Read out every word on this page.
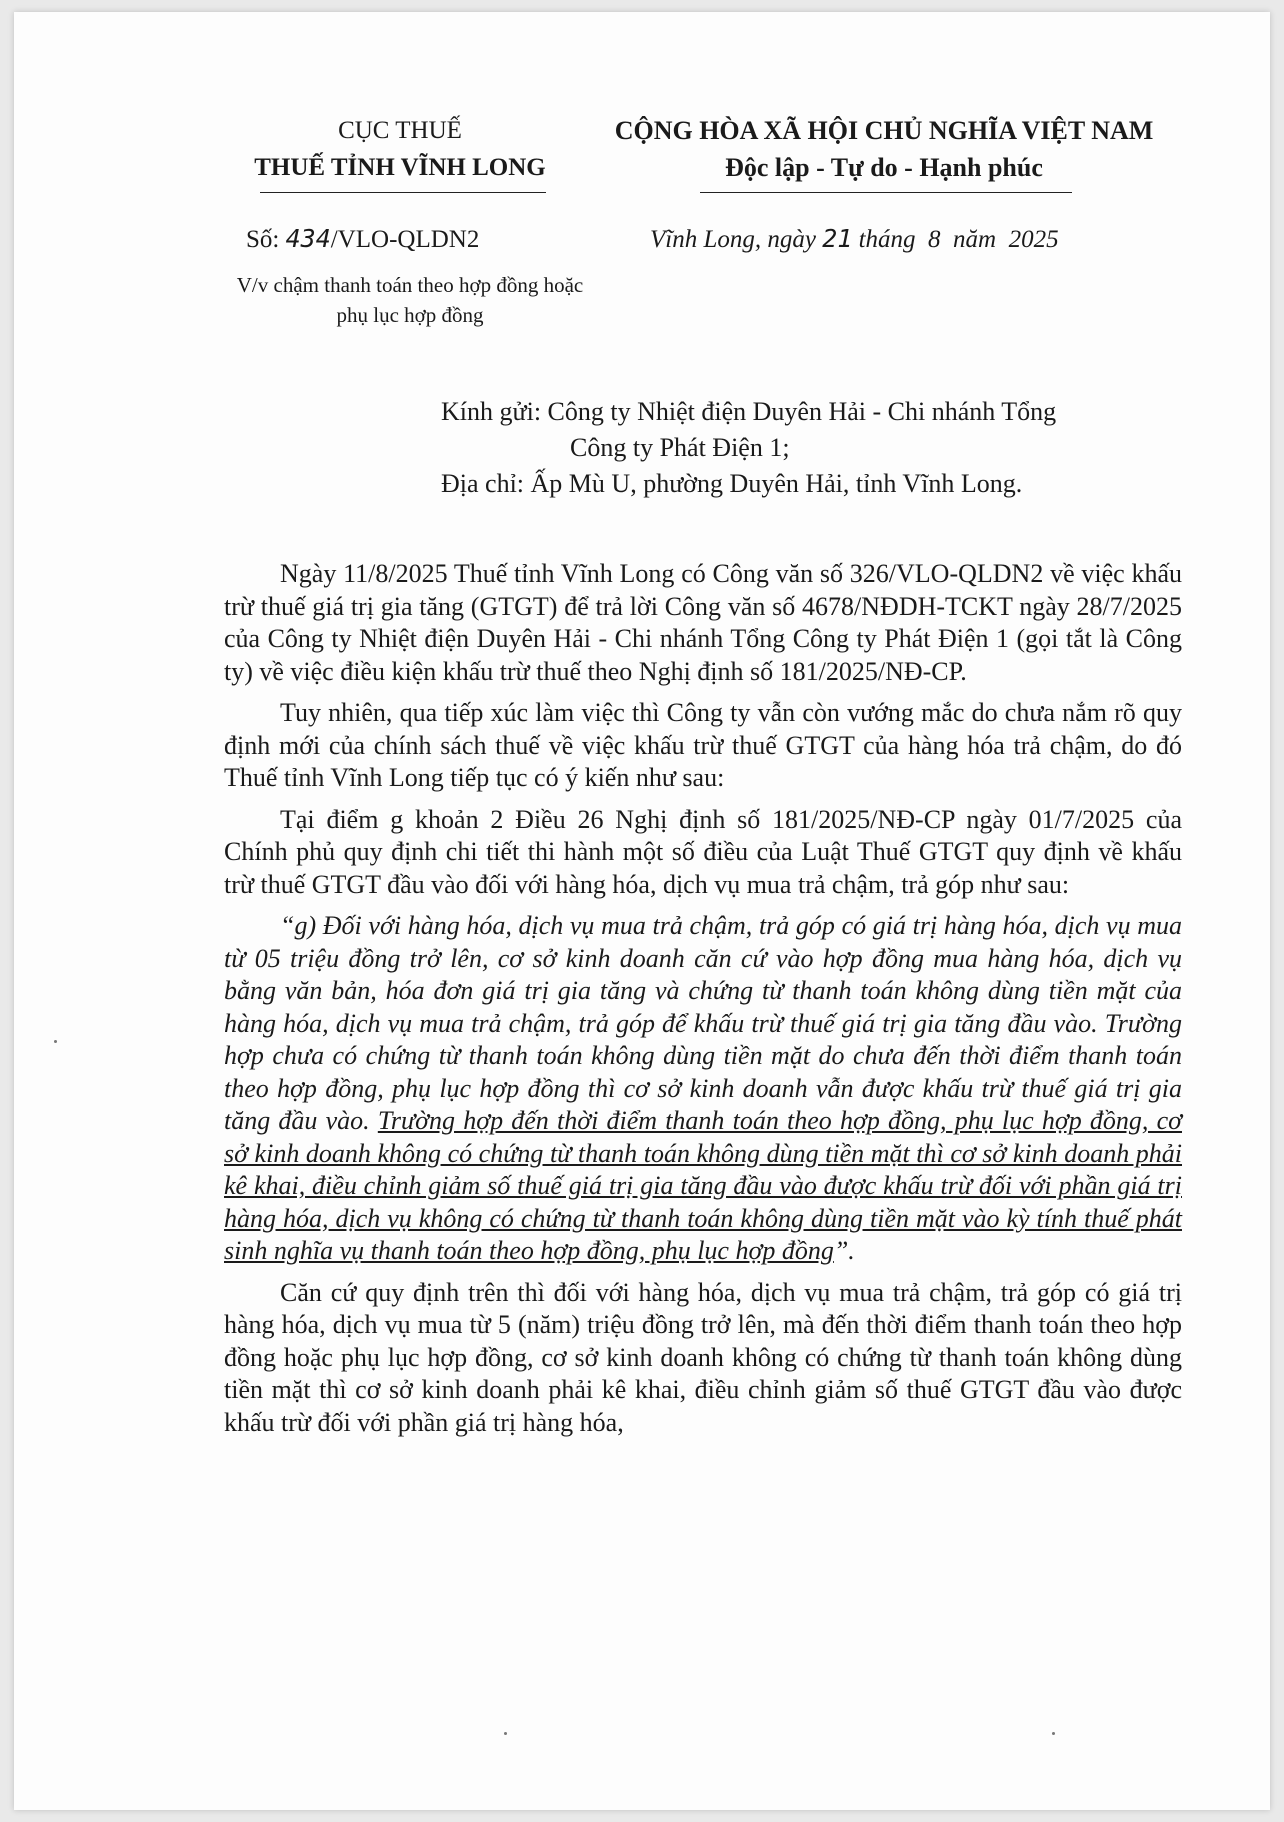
CỤC THUẾ
THUẾ TỈNH VĨNH LONG
CỘNG HÒA XÃ HỘI CHỦ NGHĨA VIỆT NAM
Độc lập - Tự do - Hạnh phúc
Số: 434/VLO-QLDN2
V/v chậm thanh toán theo hợp đồng hoặc phụ lục hợp đồng
Vĩnh Long, ngày 21 tháng  8  năm  2025
Kính gửi: Công ty Nhiệt điện Duyên Hải - Chi nhánh Tổng
Công ty Phát Điện 1;
Địa chỉ: Ấp Mù U, phường Duyên Hải, tỉnh Vĩnh Long.

Ngày 11/8/2025 Thuế tỉnh Vĩnh Long có Công văn số 326/VLO-QLDN2 về việc khấu trừ thuế giá trị gia tăng (GTGT) để trả lời Công văn số 4678/NĐDH-TCKT ngày 28/7/2025 của Công ty Nhiệt điện Duyên Hải - Chi nhánh Tổng Công ty Phát Điện 1 (gọi tắt là Công ty) về việc điều kiện khấu trừ thuế theo Nghị định số 181/2025/NĐ-CP.

Tuy nhiên, qua tiếp xúc làm việc thì Công ty vẫn còn vướng mắc do chưa nắm rõ quy định mới của chính sách thuế về việc khấu trừ thuế GTGT của hàng hóa trả chậm, do đó Thuế tỉnh Vĩnh Long tiếp tục có ý kiến như sau:

Tại điểm g khoản 2 Điều 26 Nghị định số 181/2025/NĐ-CP ngày 01/7/2025 của Chính phủ quy định chi tiết thi hành một số điều của Luật Thuế GTGT quy định về khấu trừ thuế GTGT đầu vào đối với hàng hóa, dịch vụ mua trả chậm, trả góp như sau:

“g) Đối với hàng hóa, dịch vụ mua trả chậm, trả góp có giá trị hàng hóa, dịch vụ mua từ 05 triệu đồng trở lên, cơ sở kinh doanh căn cứ vào hợp đồng mua hàng hóa, dịch vụ bằng văn bản, hóa đơn giá trị gia tăng và chứng từ thanh toán không dùng tiền mặt của hàng hóa, dịch vụ mua trả chậm, trả góp để khấu trừ thuế giá trị gia tăng đầu vào. Trường hợp chưa có chứng từ thanh toán không dùng tiền mặt do chưa đến thời điểm thanh toán theo hợp đồng, phụ lục hợp đồng thì cơ sở kinh doanh vẫn được khấu trừ thuế giá trị gia tăng đầu vào. Trường hợp đến thời điểm thanh toán theo hợp đồng, phụ lục hợp đồng, cơ sở kinh doanh không có chứng từ thanh toán không dùng tiền mặt thì cơ sở kinh doanh phải kê khai, điều chỉnh giảm số thuế giá trị gia tăng đầu vào được khấu trừ đối với phần giá trị hàng hóa, dịch vụ không có chứng từ thanh toán không dùng tiền mặt vào kỳ tính thuế phát sinh nghĩa vụ thanh toán theo hợp đồng, phụ lục hợp đồng”.

Căn cứ quy định trên thì đối với hàng hóa, dịch vụ mua trả chậm, trả góp có giá trị hàng hóa, dịch vụ mua từ 5 (năm) triệu đồng trở lên, mà đến thời điểm thanh toán theo hợp đồng hoặc phụ lục hợp đồng, cơ sở kinh doanh không có chứng từ thanh toán không dùng tiền mặt thì cơ sở kinh doanh phải kê khai, điều chỉnh giảm số thuế GTGT đầu vào được khấu trừ đối với phần giá trị hàng hóa,
